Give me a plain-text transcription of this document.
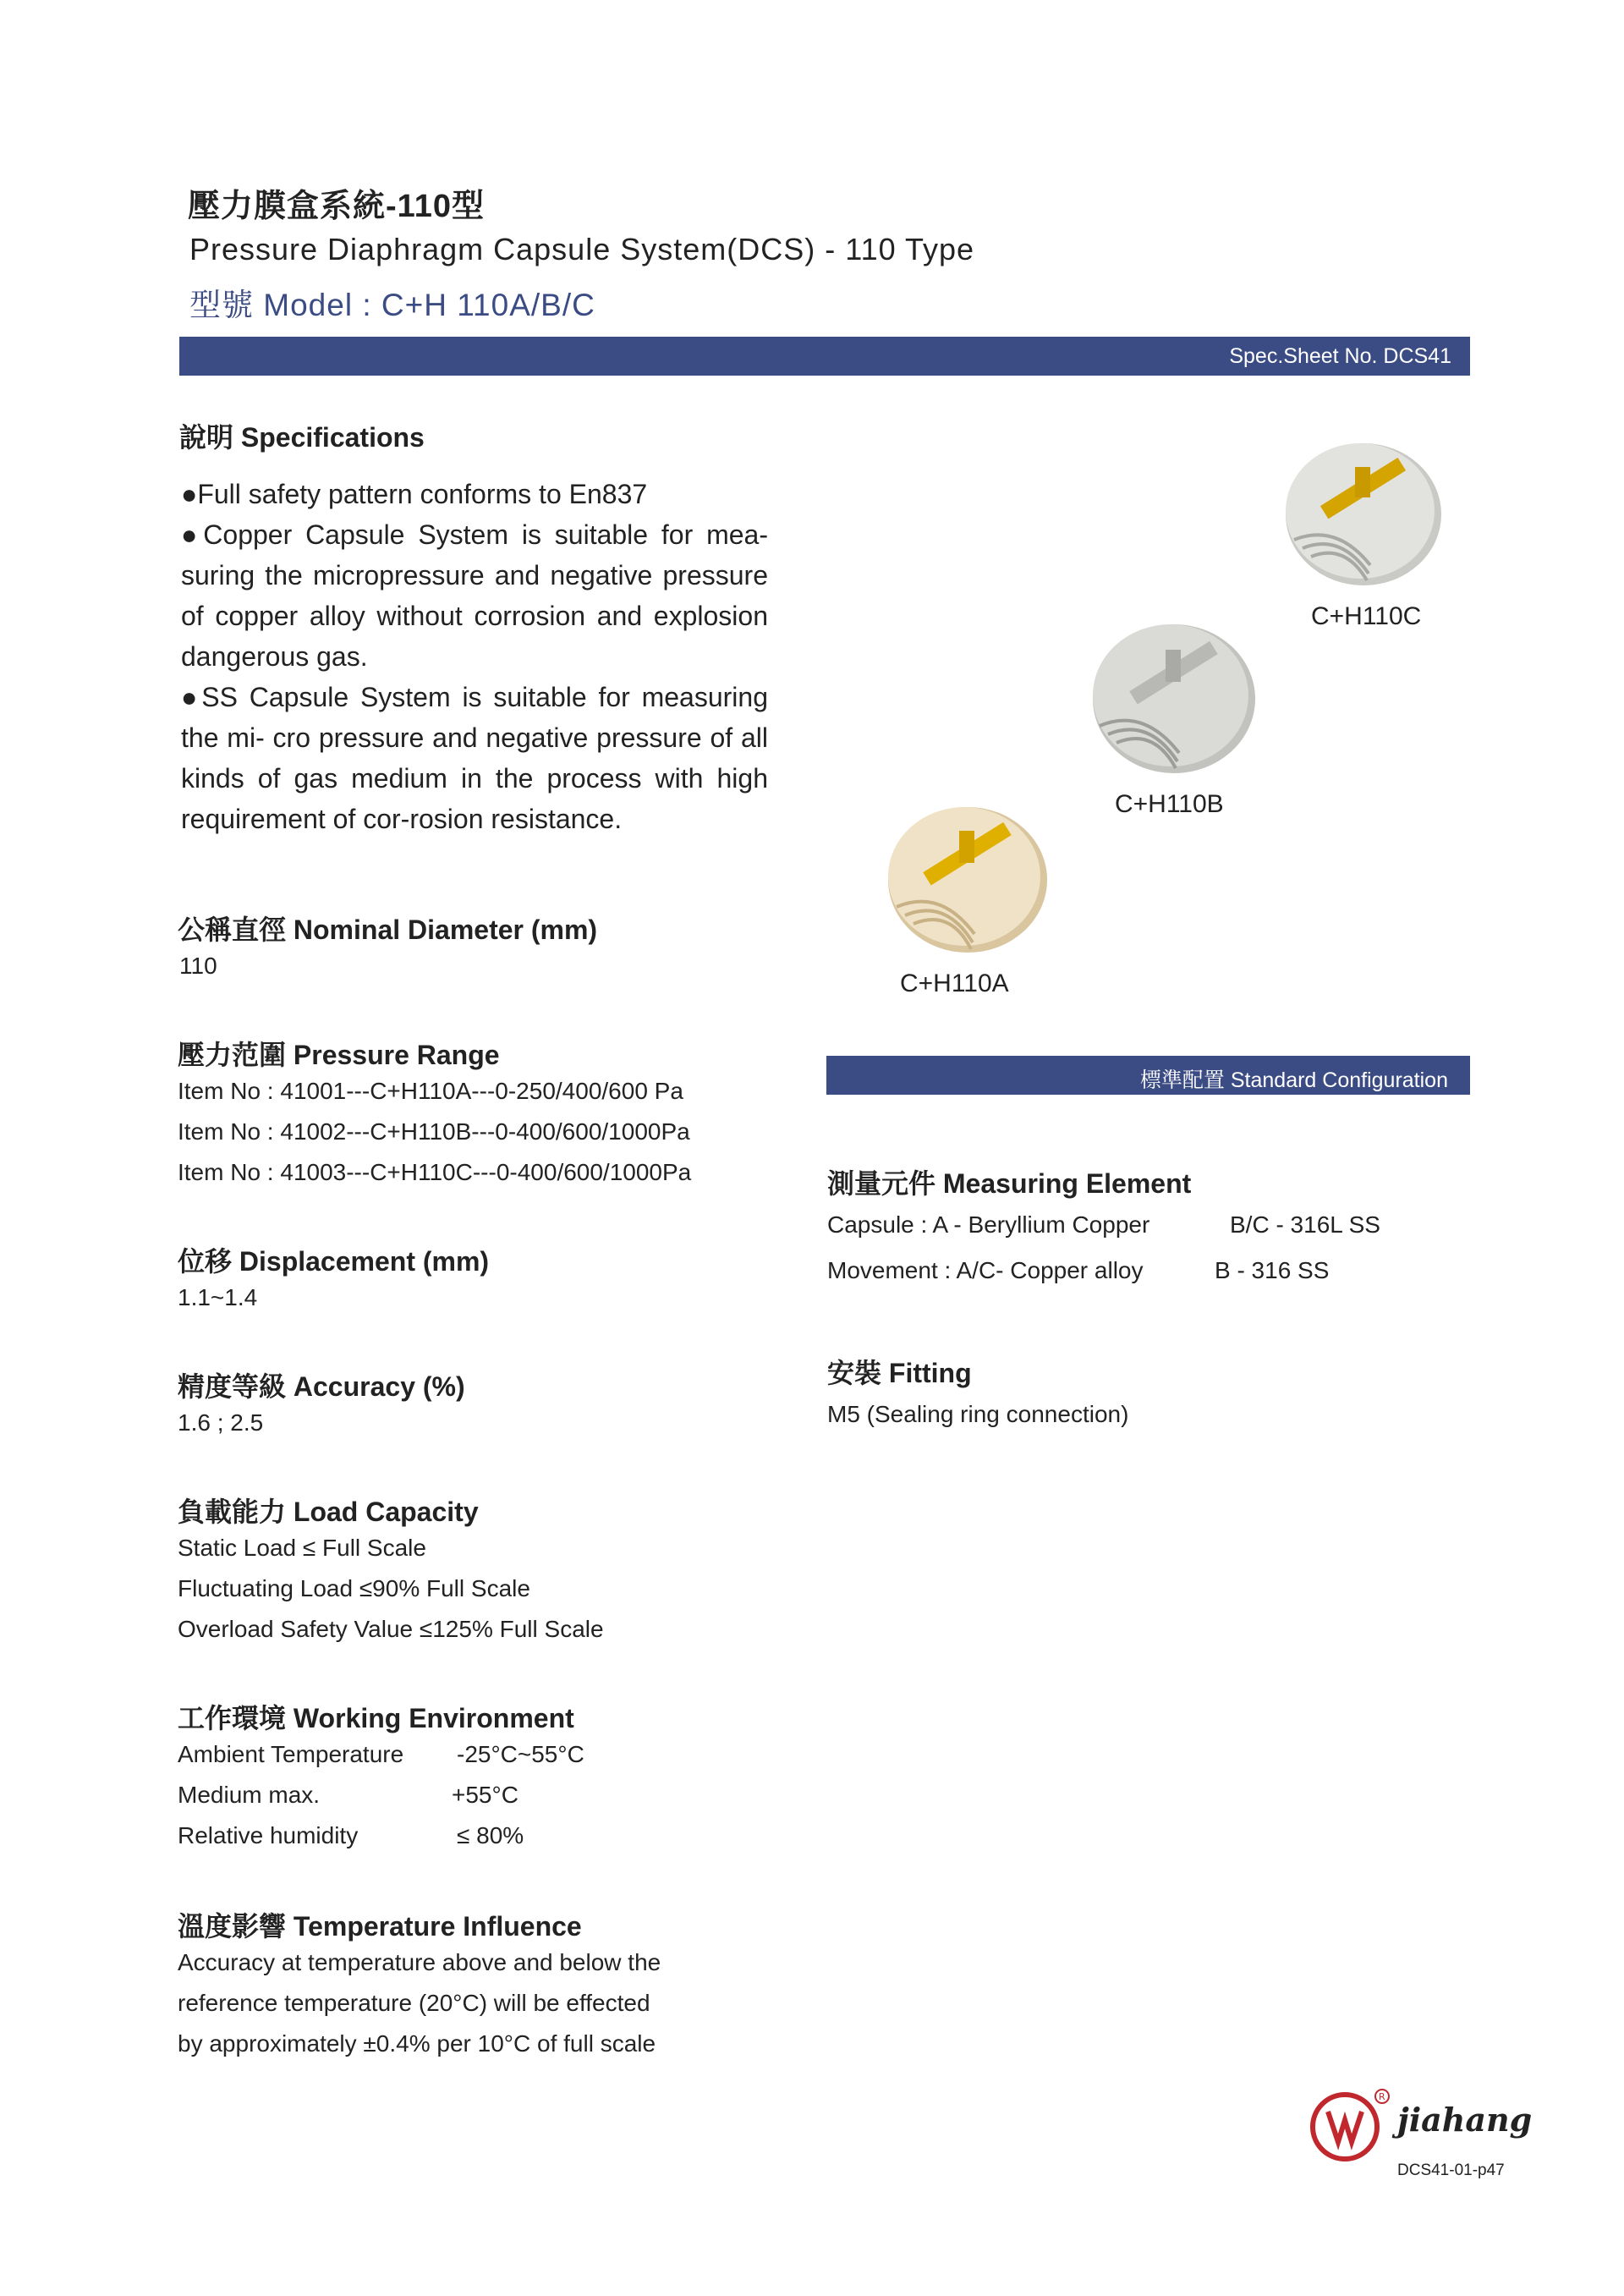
壓力膜盒系統-110型
Pressure Diaphragm Capsule System(DCS) - 110 Type
型號 Model : C+H 110A/B/C
Spec.Sheet No. DCS41
說明 Specifications

●Full safety pattern conforms to En837

●Copper Capsule System is suitable for mea-suring the micropressure and negative pressure of copper alloy without corrosion and explosion dangerous gas.

●SS Capsule System is suitable for measuring the mi- cro pressure and negative pressure of all kinds of gas medium in the process with high requirement of cor-rosion resistance.

公稱直徑 Nominal Diameter (mm)
110
壓力范圍 Pressure Range
Item No : 41001---C+H110A---0-250/400/600 Pa
Item No : 41002---C+H110B---0-400/600/1000Pa
Item No : 41003---C+H110C---0-400/600/1000Pa
位移 Displacement (mm)
1.1~1.4
精度等級 Accuracy (%)
1.6 ; 2.5
負載能力 Load Capacity
Static Load ≤ Full Scale
Fluctuating Load ≤90% Full Scale
Overload Safety Value ≤125% Full Scale
工作環境 Working Environment
Ambient Temperature -25°C~55°C
Medium max.	+55°C
Relative humidity	≤ 80%
溫度影響 Temperature Influence
Accuracy at temperature above and below the
reference temperature (20°C) will be effected
by approximately ±0.4% per 10°C of full scale
C+H110C
C+H110B
C+H110A
標準配置 Standard Configuration
測量元件 Measuring Element
Capsule : A - Beryllium Copper	B/C - 316L SS
Movement : A/C- Copper alloy	B - 316 SS
安裝 Fitting
M5 (Sealing ring connection)
R
jiahang
DCS41-01-p47
